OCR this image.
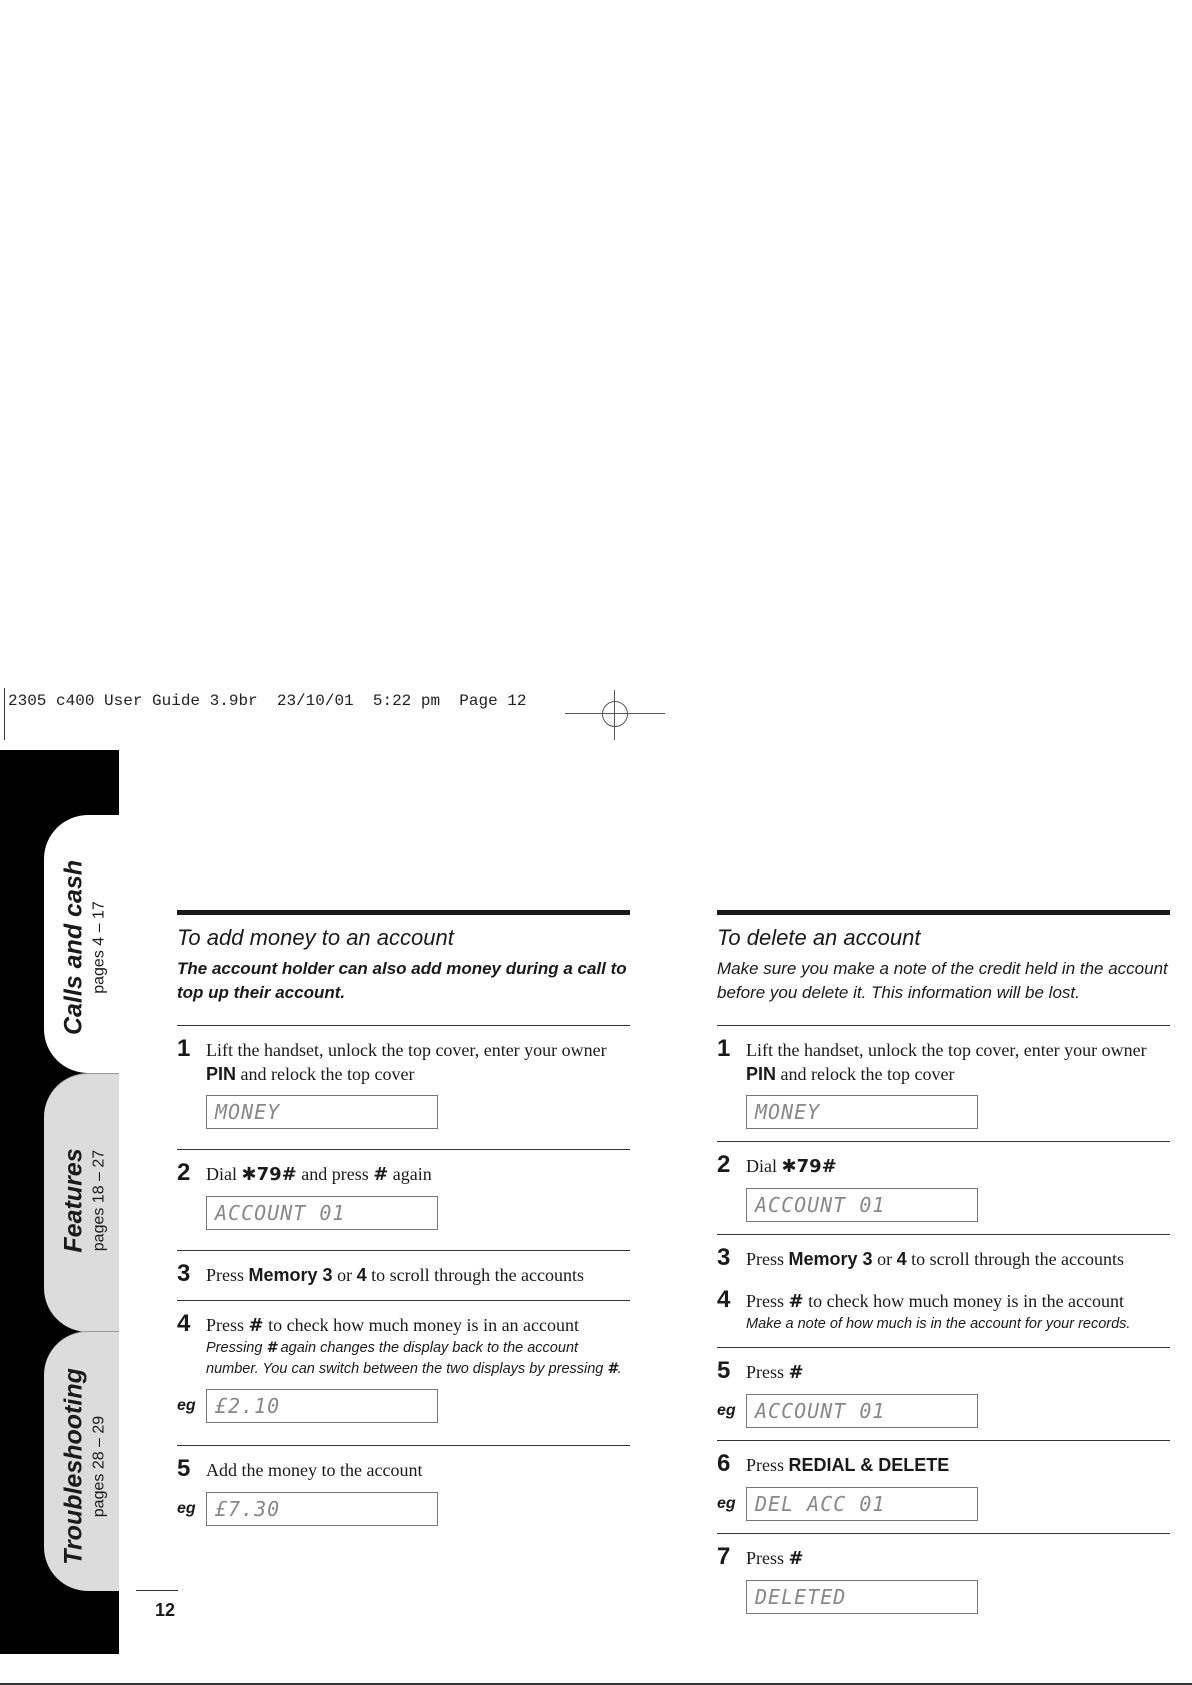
2305 c400 User Guide 3.9br  23/10/01  5:22 pm  Page 12
Calls and cash pages 4 – 17
Features pages 18 – 27
Troubleshooting pages 28 – 29
12
To add money to an account

The account holder can also add money during a call to top up their account.

1 Lift the handset, unlock the top cover, enter your owner PIN and relock the top cover
MONEY
2 Dial ✱79# and press # again
ACCOUNT 01
3 Press Memory 3 or 4 to scroll through the accounts
4 Press # to check how much money is in an account
Pressing # again changes the display back to the account number. You can switch between the two displays by pressing #.
eg £2.10
5 Add the money to the account
eg £7.30
To delete an account

Make sure you make a note of the credit held in the account before you delete it. This information will be lost.

1 Lift the handset, unlock the top cover, enter your owner PIN and relock the top cover
MONEY
2 Dial ✱79#
ACCOUNT 01
3 Press Memory 3 or 4 to scroll through the accounts
4 Press # to check how much money is in the account
Make a note of how much is in the account for your records.
5 Press #
eg ACCOUNT 01
6 Press REDIAL & DELETE
eg DEL ACC 01
7 Press #
DELETED
